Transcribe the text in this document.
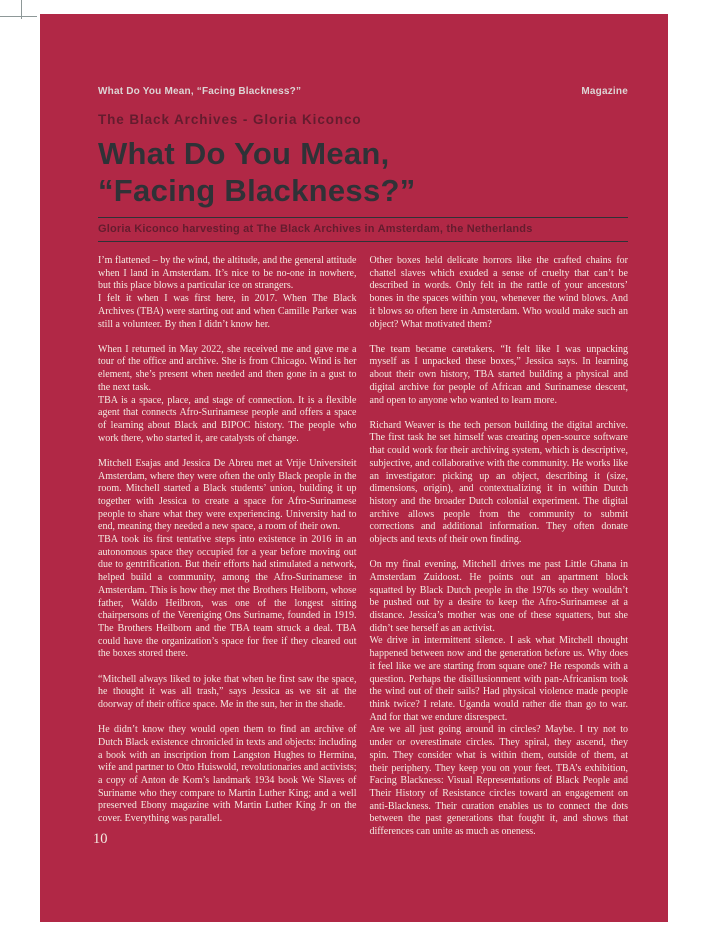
What Do You Mean, “Facing Blackness?”	Magazine
The Black Archives - Gloria Kiconco
What Do You Mean,
“Facing Blackness?”
Gloria Kiconco harvesting at The Black Archives in Amsterdam, the Netherlands

I’m flattened – by the wind, the altitude, and the general attitude when I land in Amsterdam. It’s nice to be no-one in nowhere, but this place blows a particular ice on strangers.

I felt it when I was first here, in 2017. When The Black Archives (TBA) were starting out and when Camille Parker was still a volunteer. By then I didn’t know her.

When I returned in May 2022, she received me and gave me a tour of the office and archive. She is from Chicago. Wind is her element, she’s present when needed and then gone in a gust to the next task.

TBA is a space, place, and stage of connection. It is a flexible agent that connects Afro-Surinamese people and offers a space of learning about Black and BIPOC history. The people who work there, who started it, are catalysts of change.

Mitchell Esajas and Jessica De Abreu met at Vrije Universiteit Amsterdam, where they were often the only Black people in the room. Mitchell started a Black students’ union, building it up together with Jessica to create a space for Afro-Surinamese people to share what they were experiencing. University had to end, meaning they needed a new space, a room of their own.

TBA took its first tentative steps into existence in 2016 in an autonomous space they occupied for a year before moving out due to gentrification. But their efforts had stimulated a network, helped build a community, among the Afro-Surinamese in Amsterdam. This is how they met the Brothers Heliborn, whose father, Waldo Heilbron, was one of the longest sitting chairpersons of the Vereniging Ons Suriname, founded in 1919. The Brothers Heilborn and the TBA team struck a deal. TBA could have the organization’s space for free if they cleared out the boxes stored there.

“Mitchell always liked to joke that when he first saw the space, he thought it was all trash,” says Jessica as we sit at the doorway of their office space. Me in the sun, her in the shade.

He didn’t know they would open them to find an archive of Dutch Black existence chronicled in texts and objects: including a book with an inscription from Langston Hughes to Hermina, wife and partner to Otto Huiswold, revolutionaries and activists; a copy of Anton de Kom’s landmark 1934 book We Slaves of Suriname who they compare to Martin Luther King; and a well preserved Ebony magazine with Martin Luther King Jr on the cover. Everything was parallel.

Other boxes held delicate horrors like the crafted chains for chattel slaves which exuded a sense of cruelty that can’t be described in words. Only felt in the rattle of your ancestors’ bones in the spaces within you, whenever the wind blows. And it blows so often here in Amsterdam. Who would make such an object? What motivated them?

The team became caretakers. “It felt like I was unpacking myself as I unpacked these boxes,” Jessica says. In learning about their own history, TBA started building a physical and digital archive for people of African and Surinamese descent, and open to anyone who wanted to learn more.

Richard Weaver is the tech person building the digital archive. The first task he set himself was creating open-source software that could work for their archiving system, which is descriptive, subjective, and collaborative with the community. He works like an investigator: picking up an object, describing it (size, dimensions, origin), and contextualizing it in within Dutch history and the broader Dutch colonial experiment. The digital archive allows people from the community to submit corrections and additional information. They often donate objects and texts of their own finding.

On my final evening, Mitchell drives me past Little Ghana in Amsterdam Zuidoost. He points out an apartment block squatted by Black Dutch people in the 1970s so they wouldn’t be pushed out by a desire to keep the Afro-Surinamese at a distance. Jessica’s mother was one of these squatters, but she didn’t see herself as an activist.

We drive in intermittent silence. I ask what Mitchell thought happened between now and the generation before us. Why does it feel like we are starting from square one? He responds with a question. Perhaps the disillusionment with pan-Africanism took the wind out of their sails? Had physical violence made people think twice? I relate. Uganda would rather die than go to war. And for that we endure disrespect.

Are we all just going around in circles? Maybe. I try not to under or overestimate circles. They spiral, they ascend, they spin. They consider what is within them, outside of them, at their periphery. They keep you on your feet. TBA’s exhibition, Facing Blackness: Visual Representations of Black People and Their History of Resistance circles toward an engagement on anti-Blackness. Their curation enables us to connect the dots between the past generations that fought it, and shows that differences can unite as much as oneness.

10
